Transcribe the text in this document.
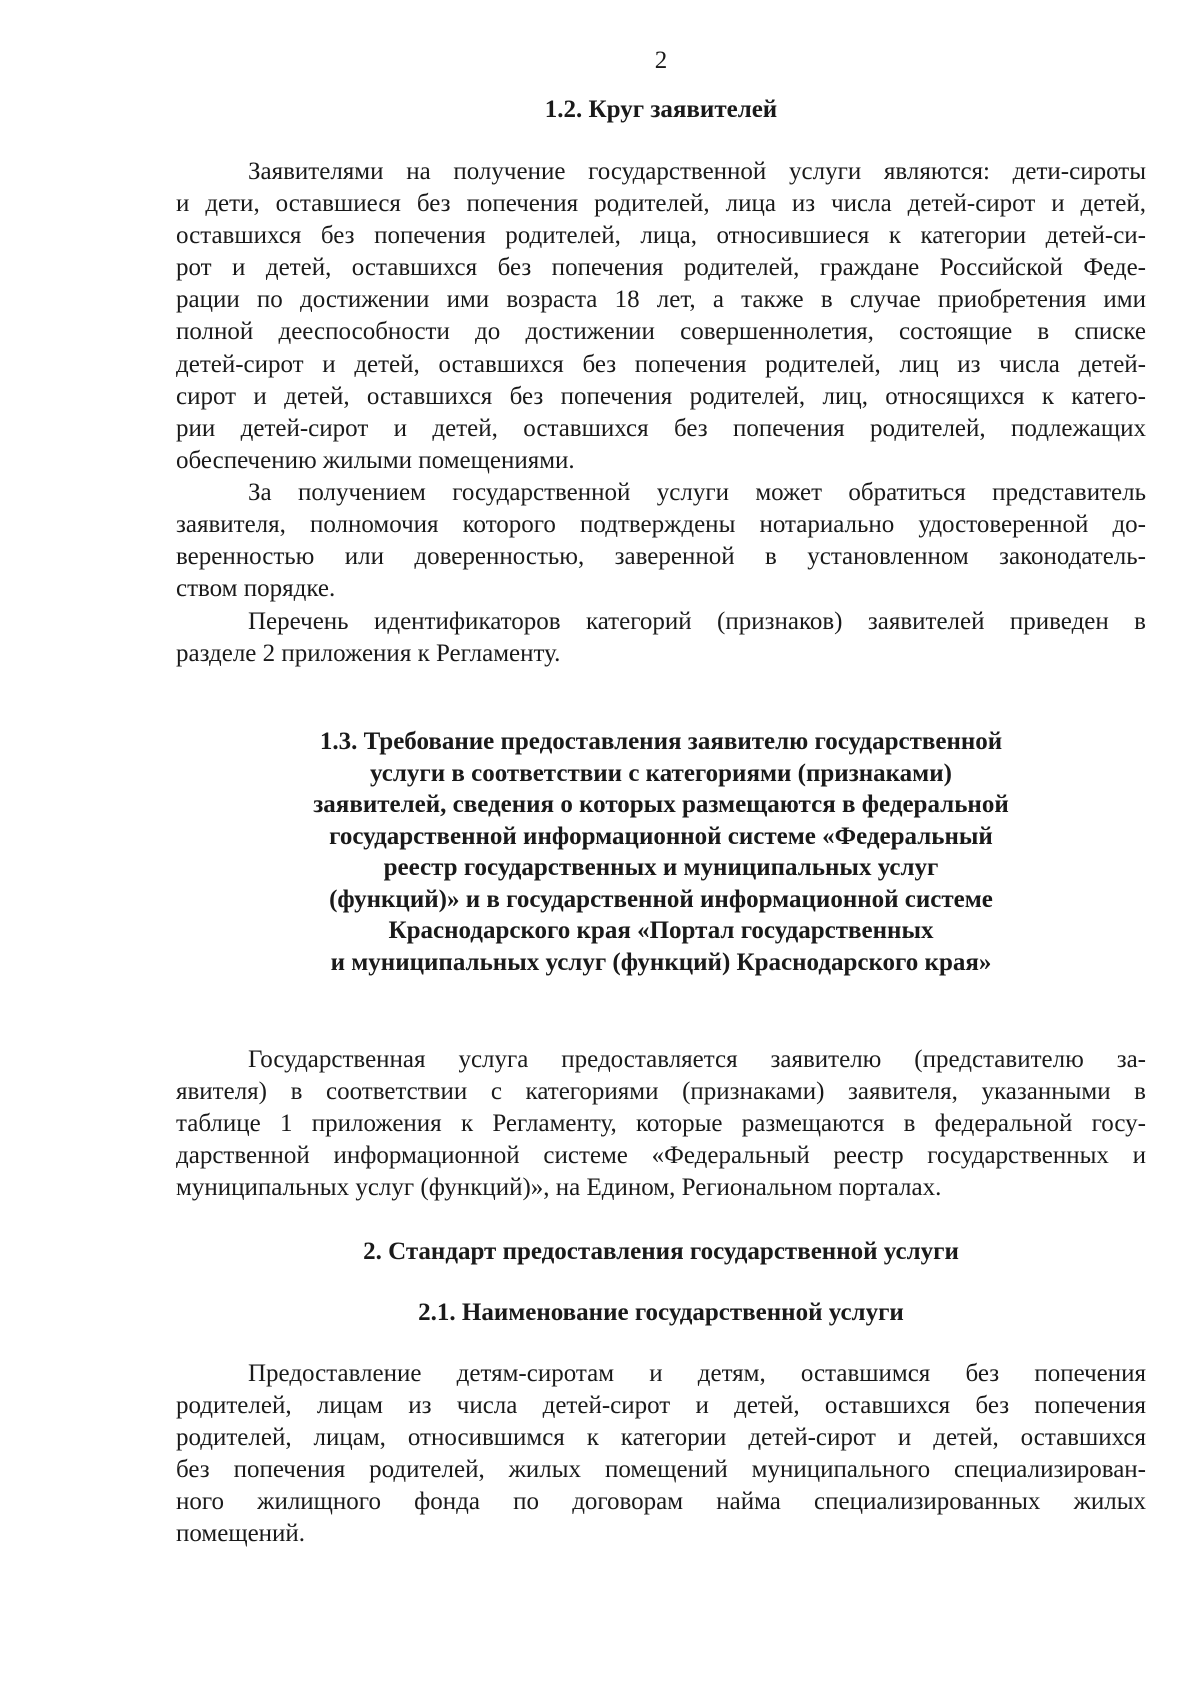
2
1.2. Круг заявителей
Заявителями на получение государственной услуги являются: дети-сироты
и дети, оставшиеся без попечения родителей, лица из числа детей-сирот и детей,
оставшихся без попечения родителей, лица, относившиеся к категории детей-си-
рот и детей, оставшихся без попечения родителей, граждане Российской Феде-
рации по достижении ими возраста 18 лет, а также в случае приобретения ими
полной дееспособности до достижении совершеннолетия, состоящие в списке
детей-сирот и детей, оставшихся без попечения родителей, лиц из числа детей-
сирот и детей, оставшихся без попечения родителей, лиц, относящихся к катего-
рии детей-сирот и детей, оставшихся без попечения родителей, подлежащих
обеспечению жилыми помещениями.
За получением государственной услуги может обратиться представитель
заявителя, полномочия которого подтверждены нотариально удостоверенной до-
веренностью или доверенностью, заверенной в установленном законодатель-
ством порядке.
Перечень идентификаторов категорий (признаков) заявителей приведен в
разделе 2 приложения к Регламенту.
1.3. Требование предоставления заявителю государственной
услуги в соответствии с категориями (признаками)
заявителей, сведения о которых размещаются в федеральной
государственной информационной системе «Федеральный
реестр государственных и муниципальных услуг
(функций)» и в государственной информационной системе
Краснодарского края «Портал государственных
и муниципальных услуг (функций) Краснодарского края»
Государственная услуга предоставляется заявителю (представителю за-
явителя) в соответствии с категориями (признаками) заявителя, указанными в
таблице 1 приложения к Регламенту, которые размещаются в федеральной госу-
дарственной информационной системе «Федеральный реестр государственных и
муниципальных услуг (функций)», на Едином, Региональном порталах.
2. Стандарт предоставления государственной услуги
2.1. Наименование государственной услуги
Предоставление детям-сиротам и детям, оставшимся без попечения
родителей, лицам из числа детей-сирот и детей, оставшихся без попечения
родителей, лицам, относившимся к категории детей-сирот и детей, оставшихся
без попечения родителей, жилых помещений муниципального специализирован-
ного жилищного фонда по договорам найма специализированных жилых
помещений.
